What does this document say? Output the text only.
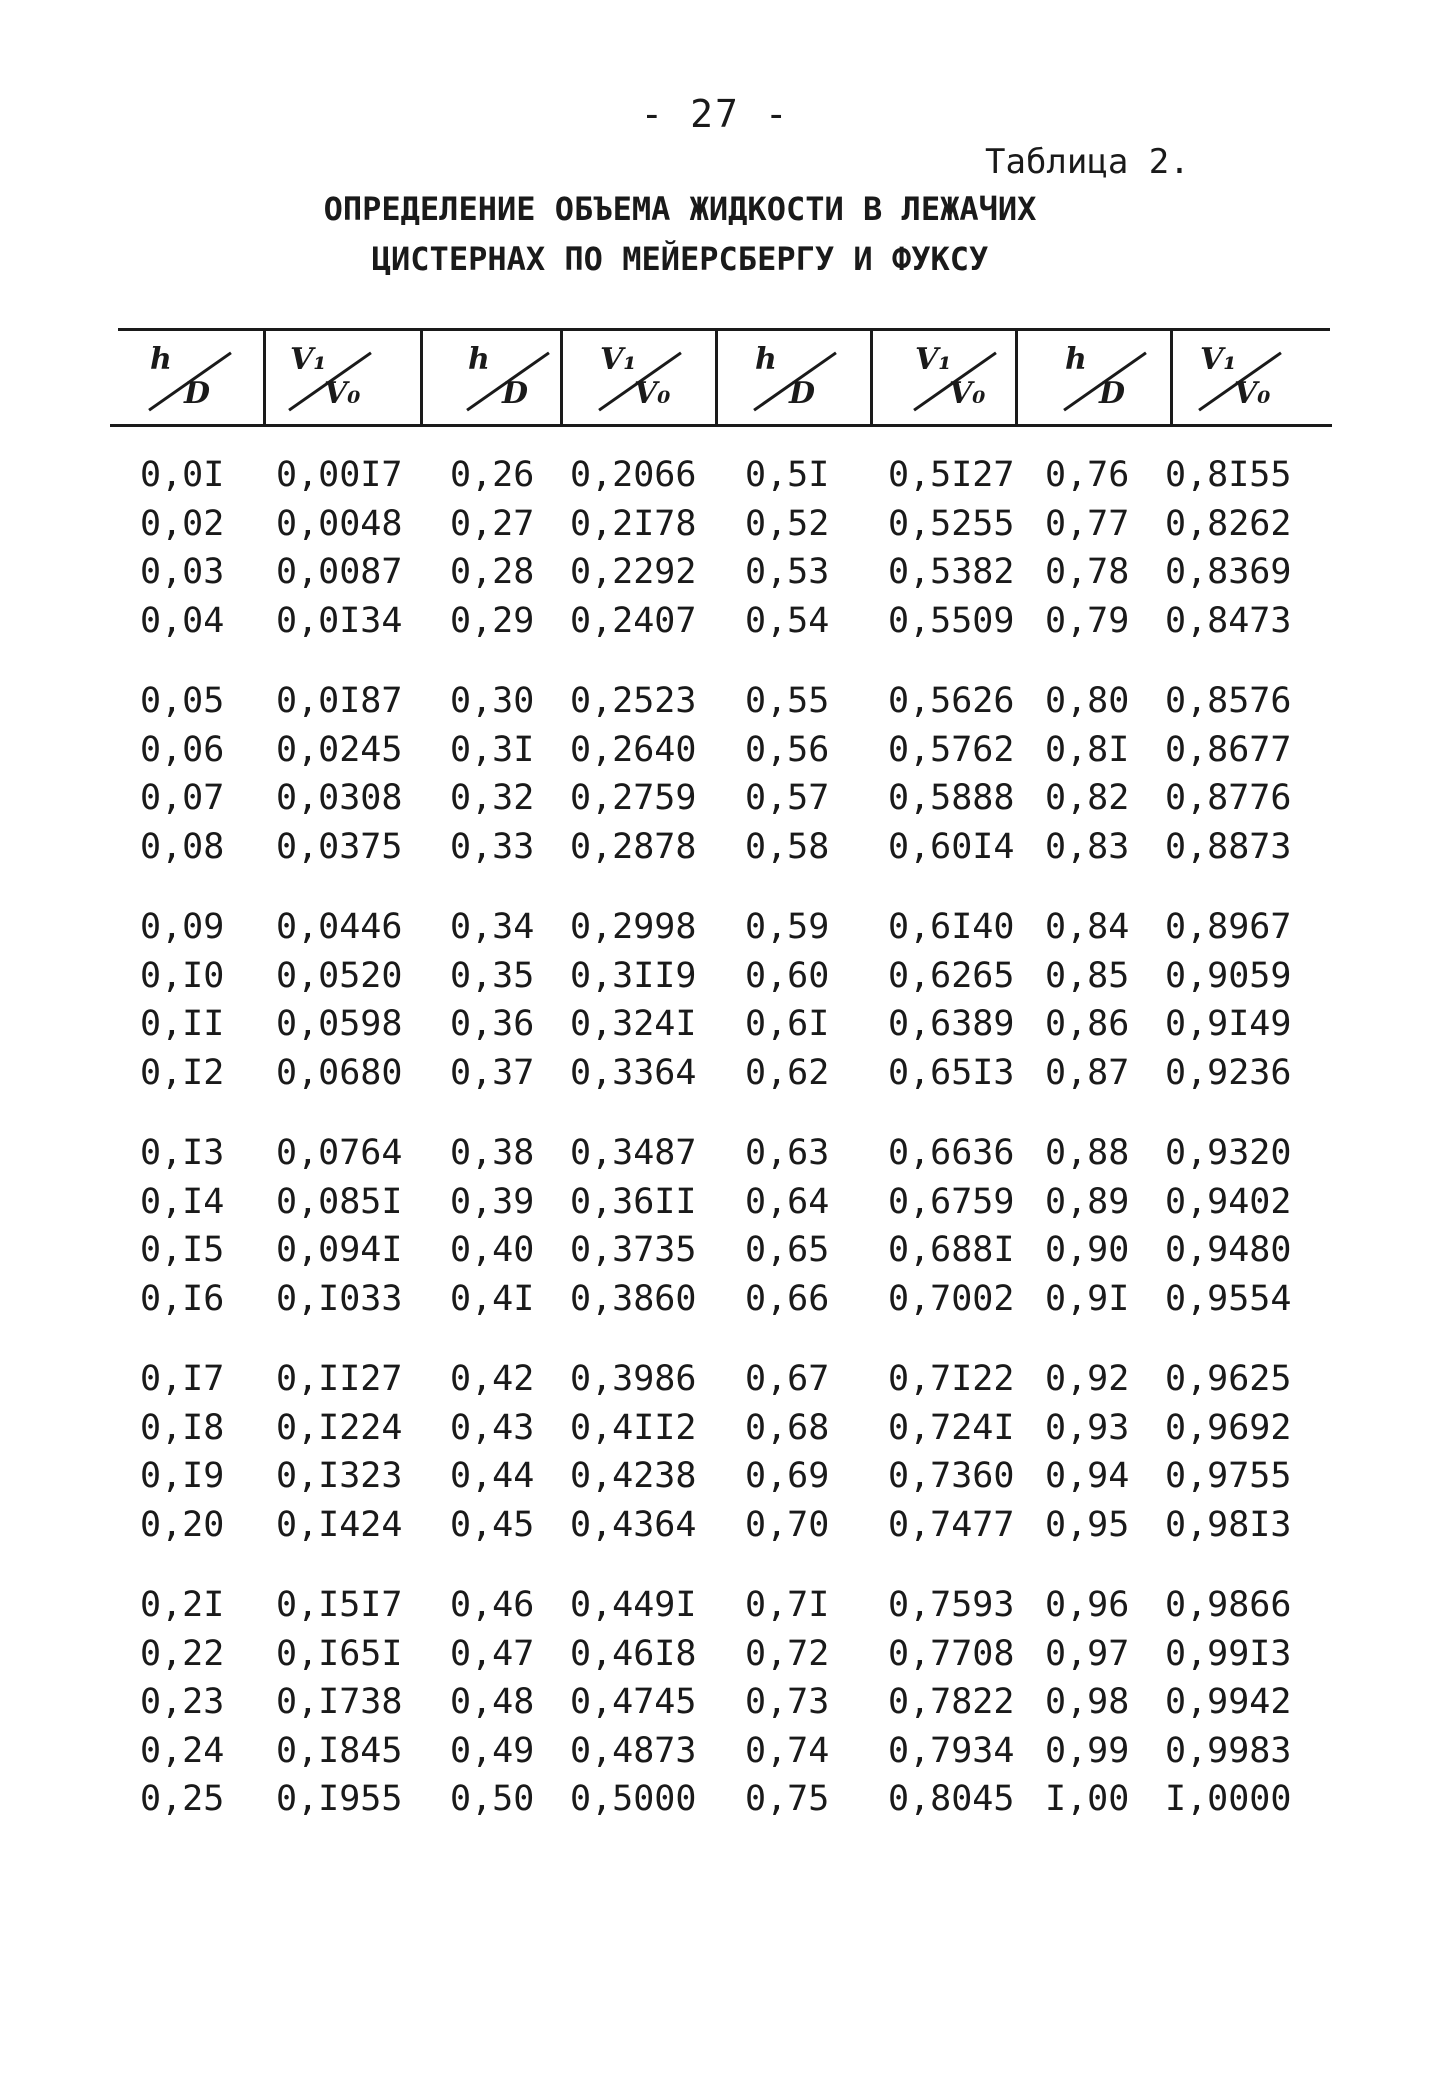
- 27 -
Таблица 2.
ОПРЕДЕЛЕНИЕ ОБЪЕМА ЖИДКОСТИ В ЛЕЖАЧИХ
ЦИСТЕРНАХ ПО МЕЙЕРСБЕРГУ И ФУКСУ
h
D
V₁
V₀
h
D
V₁
V₀
h
D
V₁
V₀
h
D
V₁
V₀
0,0I 0,00I7 0,26 0,2066 0,5I 0,5I27 0,76 0,8I55
0,02 0,0048 0,27 0,2I78 0,52 0,5255 0,77 0,8262
0,03 0,0087 0,28 0,2292 0,53 0,5382 0,78 0,8369
0,04 0,0I34 0,29 0,2407 0,54 0,5509 0,79 0,8473
0,05 0,0I87 0,30 0,2523 0,55 0,5626 0,80 0,8576
0,06 0,0245 0,3I 0,2640 0,56 0,5762 0,8I 0,8677
0,07 0,0308 0,32 0,2759 0,57 0,5888 0,82 0,8776
0,08 0,0375 0,33 0,2878 0,58 0,60I4 0,83 0,8873
0,09 0,0446 0,34 0,2998 0,59 0,6I40 0,84 0,8967
0,I0 0,0520 0,35 0,3II9 0,60 0,6265 0,85 0,9059
0,II 0,0598 0,36 0,324I 0,6I 0,6389 0,86 0,9I49
0,I2 0,0680 0,37 0,3364 0,62 0,65I3 0,87 0,9236
0,I3 0,0764 0,38 0,3487 0,63 0,6636 0,88 0,9320
0,I4 0,085I 0,39 0,36II 0,64 0,6759 0,89 0,9402
0,I5 0,094I 0,40 0,3735 0,65 0,688I 0,90 0,9480
0,I6 0,I033 0,4I 0,3860 0,66 0,7002 0,9I 0,9554
0,I7 0,II27 0,42 0,3986 0,67 0,7I22 0,92 0,9625
0,I8 0,I224 0,43 0,4II2 0,68 0,724I 0,93 0,9692
0,I9 0,I323 0,44 0,4238 0,69 0,7360 0,94 0,9755
0,20 0,I424 0,45 0,4364 0,70 0,7477 0,95 0,98I3
0,2I 0,I5I7 0,46 0,449I 0,7I 0,7593 0,96 0,9866
0,22 0,I65I 0,47 0,46I8 0,72 0,7708 0,97 0,99I3
0,23 0,I738 0,48 0,4745 0,73 0,7822 0,98 0,9942
0,24 0,I845 0,49 0,4873 0,74 0,7934 0,99 0,9983
0,25 0,I955 0,50 0,5000 0,75 0,8045 I,00 I,0000
